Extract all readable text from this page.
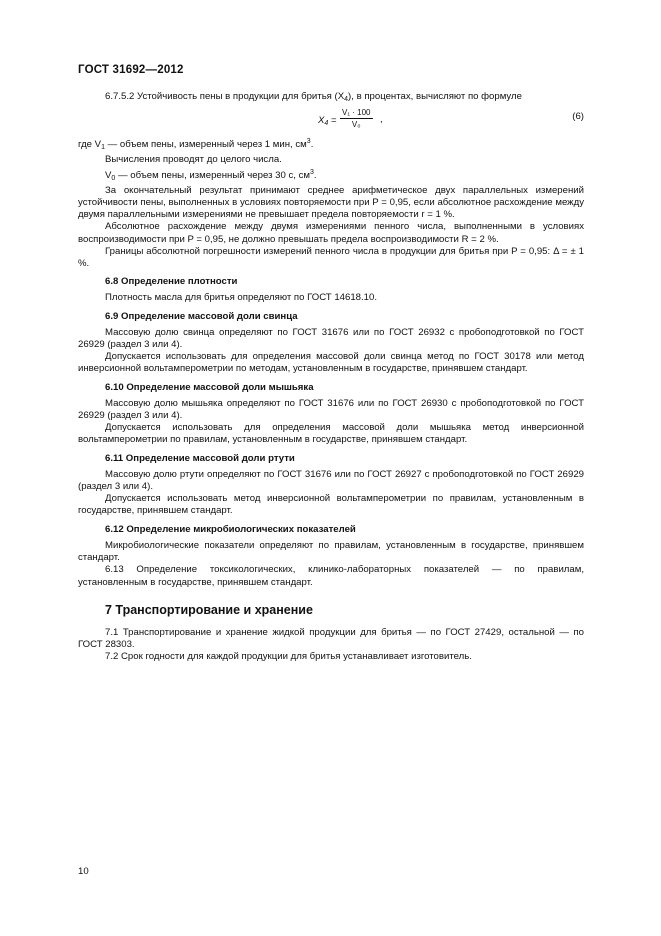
ГОСТ 31692—2012

6.7.5.2 Устойчивость пены в продукции для бритья $(X_4)$, в процентах, вычисляют по формуле

$X_4 = \frac{\text{V₁ · 100}}{\text{V₀}}$ ,	(6)

где $V_1$ — объем пены, измеренный через 1 мин, $см^3$.

Вычисления проводят до целого числа.

$V_0$ — объем пены, измеренный через 30 с, $см^3$.

За окончательный результат принимают среднее арифметическое двух параллельных измерений устойчивости пены, выполненных в условиях повторяемости при P = 0,95, если абсолютное расхождение между двумя параллельными измерениями не превышает предела повторяемости r = 1 %.

Абсолютное расхождение между двумя измерениями пенного числа, выполненными в условиях воспроизводимости при P = 0,95, не должно превышать предела воспроизводимости R = 2 %.

Границы абсолютной погрешности измерений пенного числа в продукции для бритья при P = 0,95: Δ = ± 1 %.

6.8 Определение плотности

Плотность масла для бритья определяют по ГОСТ 14618.10.

6.9 Определение массовой доли свинца

Массовую долю свинца определяют по ГОСТ 31676 или по ГОСТ 26932 с пробоподготовкой по ГОСТ 26929 (раздел 3 или 4).

Допускается использовать для определения массовой доли свинца метод по ГОСТ 30178 или метод инверсионной вольтамперометрии по методам, установленным в государстве, принявшем стандарт.

6.10 Определение массовой доли мышьяка

Массовую долю мышьяка определяют по ГОСТ 31676 или по ГОСТ 26930 с пробоподготовкой по ГОСТ 26929 (раздел 3 или 4).

Допускается использовать для определения массовой доли мышьяка метод инверсионной вольтамперометрии по правилам, установленным в государстве, принявшем стандарт.

6.11 Определение массовой доли ртути

Массовую долю ртути определяют по ГОСТ 31676 или по ГОСТ 26927 с пробоподготовкой по ГОСТ 26929 (раздел 3 или 4).

Допускается использовать метод инверсионной вольтамперометрии по правилам, установленным в государстве, принявшем стандарт.

6.12 Определение микробиологических показателей

Микробиологические показатели определяют по правилам, установленным в государстве, принявшем стандарт.

6.13 Определение токсикологических, клинико-лабораторных показателей — по правилам, установленным в государстве, принявшем стандарт.

7 Транспортирование и хранение

7.1 Транспортирование и хранение жидкой продукции для бритья — по ГОСТ 27429, остальной — по ГОСТ 28303.

7.2 Срок годности для каждой продукции для бритья устанавливает изготовитель.

10
